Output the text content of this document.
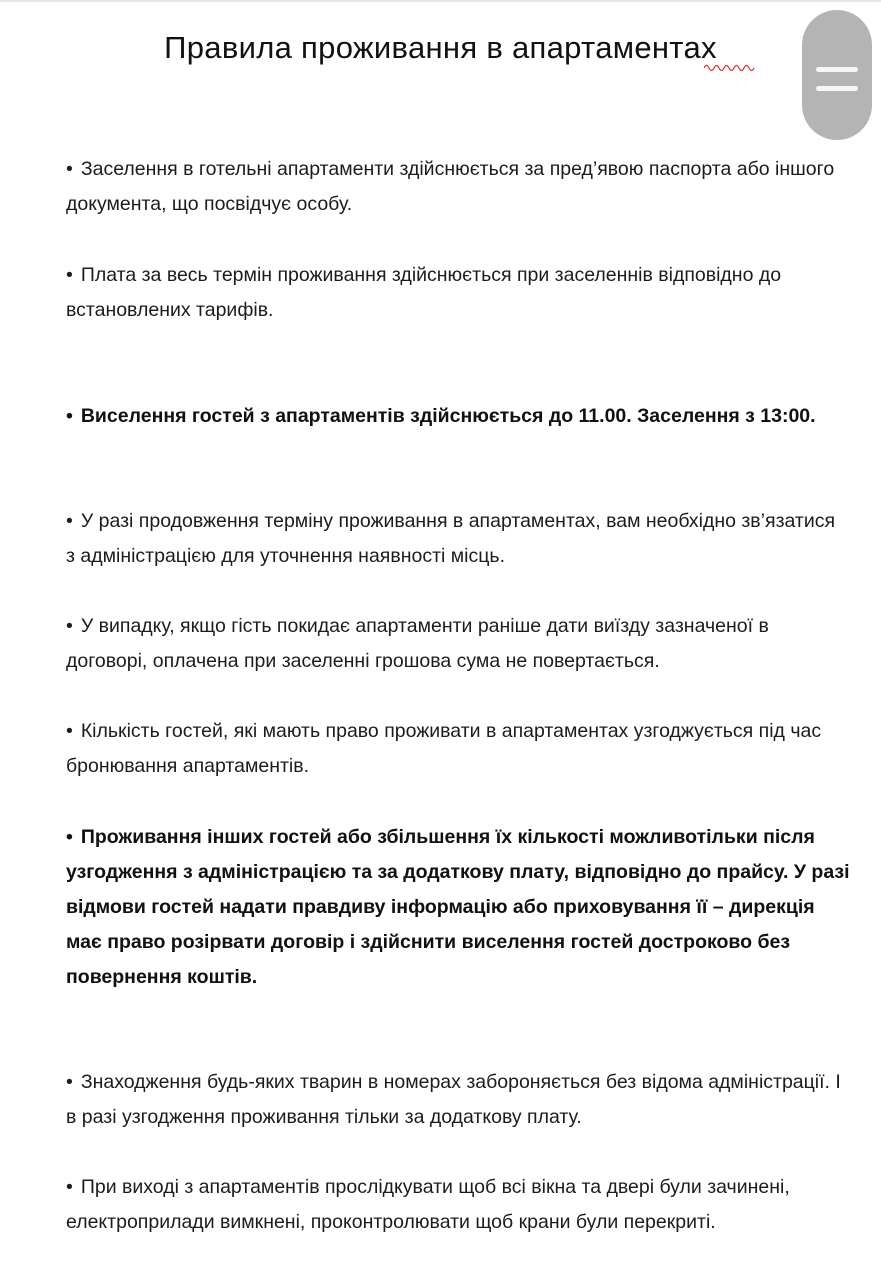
Правила проживання в апартаментах

• Заселення в готельні апартаменти здійснюється за пред’явою паспорта або іншого документа, що посвідчує особу.

• Плата за весь термін проживання здійснюється при заселеннів відповідно до встановлених тарифів.

• Виселення гостей з апартаментів здійснюється до 11.00. Заселення з 13:00.

• У разі продовження терміну проживання в апартаментах, вам необхідно зв’язатися з адміністрацією для уточнення наявності місць.

• У випадку, якщо гість покидає апартаменти раніше дати виїзду зазначеної в договорі, оплачена при заселенні грошова сума не повертається.

• Кількість гостей, які мають право проживати в апартаментах узгоджується під час бронювання апартаментів.

• Проживання інших гостей або збільшення їх кількості можливотільки після узгодження з адміністрацією та за додаткову плату, відповідно до прайсу. У разі відмови гостей надати правдиву інформацію або приховування її – дирекція має право розірвати договір і здійснити виселення гостей достроково без повернення коштів.

• Знаходження будь-яких тварин в номерах забороняється без відома адміністрації. І в разі узгодження проживання тільки за додаткову плату.

• При виході з апартаментів прослідкувати щоб всі вікна та двері були зачинені, електроприлади вимкнені, проконтролювати щоб крани були перекриті.
